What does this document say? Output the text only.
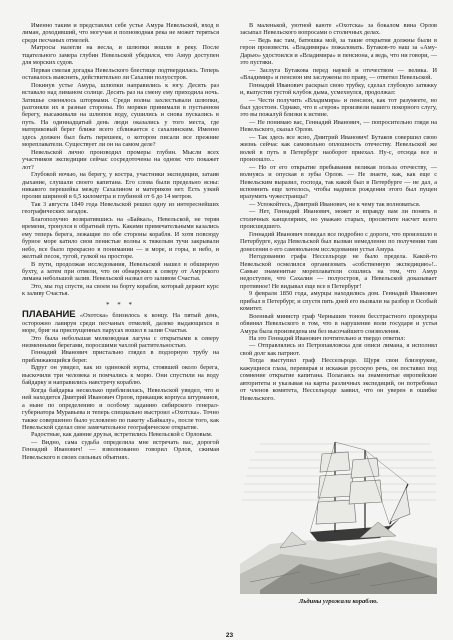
Именно таким и представлял себе устье Амура Невельской, вход в лиман, доходивший, что могучая и полноводная река не может теряться среди песчаных отмелей.

Матросы налегли на весла, и шлюпки вошли в реку. После тщательного замера глубин Невельской убедился, что Амур доступен для морских судов.

Первая смелая догадка Невельского блестяще подтвердилась. Теперь оставалось выяснить, действительно ли Сахалин полуостров.

Покинув устье Амура, шлюпки направились к югу. Десять раз вставало над лиманом солнце. Десять раз на смену ему приходила ночь. Затишье сменялось штормами. Среди волны захлестывали шлюпки, разгоняли их в разные стороны. Но моряки принимали в пустынном берегу, высаживали на шлюпок воду, сушились и снова пускались в путь. На одиннадцатый день люди оказались у того места, где материковый берег ближе всего сближается с сахалинским. Именно здесь должен был быть перешеек, о котором писали все прежние мореплаватели. Существует ли он на самом деле?

Невельской лично производил промеры глубин. Мысли всех участников экспедиции сейчас сосредоточены на одном: что покажет лот?

Глубокой ночью, на берегу, у костра, участники экспедиции, затаив дыхание, слушали своего капитана. Его слова были предельно ясны: никакого перешейка между Сахалином и материком нет. Есть узкий пролив шириной в 6,5 километра и глубиной от 6 до 14 метров.

Так 3 августа 1849 года Невельской решил одну из интереснейших географических загадок.

Благополучно возвратившись на «Байкал», Невельской, не теряя времени, тронулся в обратный путь. Какими примечательными казались ему теперь берега, лежащие по обе стороны корабля. И хотя повсюду бурное море катило свои пенистые волны к тяжелым тучи закрывали небо, все было прекрасно в понимании — и море, и горы, и небо, и желтый песок, тугой, гулкой на просторе.

В пути, продолжая исследования, Невельской нашел в обширную бухту, а затем при отмели, что он обнаружил к северу от Амурского лимана небольшой залив. Невельской назвал его заливом Счастья.

Это, мы год спустя, на своем на борту корабля, который держит курс к заливу Счастья.

* * *

ПЛАВАНИЕ «Охотска» близилось к концу. На пятый день, осторожно лавируя среди песчаных отмелей, далеко выдающихся в море, бриг на приспущенных парусах вошел в залив Счастья.

Это была небольшая мелководная лагуна с открытыми к северу низменными берегами, поросшими чахлой растительностью.

Геннадий Иванович пристально глядел в подзорную трубу на приближающийся берег.

Вдруг он увидел, как из одинокой юрты, стоявшей около берега, выскочили три человека и помчались к морю. Они спустили на воду байдарку и направились навстречу кораблю.

Когда байдарка несколько приблизилась, Невельской увидел, что в ней находится Дмитрий Иванович Орлов, прикащик корпуса штурманов, а ныне по определению и особому заданию сибирского генерал-губернатора Муравьева и теперь специально выстроил «Охотска». Точно также совершенно было условлено по пакету «Байкалу», после того, как Невельской сделал свое замечательное географическое открытие.

Радостные, как давние друзья, встретились Невельской с Орловым.

— Видно, сама судьба определила мне встречать вас, дорогой Геннадий Иванович! — взволнованно говорил Орлов, сжимая Невельского в своих сильных объятиях.

В маленькой, уютной каюте «Охотска» за бокалом вина Орлов засыпал Невельского вопросами о столичных делах.

— Ведь вас там, батюшка мой, за такие открытия должны были в герои произвести. «Владимира» пожаловать. Бутаков-то наш за «Аму-Дарью» удостоился и «Владимира» и пенсиона, а ведь, что ни говори, — это пустяки.

— Заслуга Бутакова перед наукой и отечеством — велика. И «Владимир» и пенсион им заслужены по праву, — ответил Невельской.

Геннадий Иванович раскрыл свою трубку, сделал глубокую затяжку и, выпустив густой клубок дыма, усмехнулся, продолжал:

— Чести получить «Владимира» и пенсион, как тот разумеете, но был удостоен. Однако, что в «героя» произвели вашего покорного слугу, это вы пожалуй близки к истине.

— Не понимаю вас, Геннадий Иванович, — попросительно глядя на Невельского, сказал Орлов.

— Так здесь все ясно, Дмитрий Иванович! Бутаков совершил свою жизнь сейчас как самовольно оплошность отечеству. Невельской же волей в путь в Петербург наоборот приехал. Ну-с, отсюда все и произошло...

— Но от его открытие пребывания великая польза отечеству, — волнуясь и опуская в зубы Орлов. — Не знаете, как, как еще с Невельским выразил, господа, так какой был в Петербурге — не дал, а вспомнить еще хотелось, чтобы надписи рождения этого был пущен вразумить чужестранцы?

— Успокойтесь, Дмитрий Иванович, не к чему так волноваться.

— Нет, Геннадий Иванович, может и вправду вам ли понять в столичных канцеляриях, но уважаю старых, просветите насчет всего происшедшего.

Геннадий Иванович поведал все подробно с дороги, что произошло в Петербурге, куда Невельской был вызван немедленно по получении там донесения о его самовольном исследовании устья Амура.

Негодованию графа Нессельроде не было предела. Какой-то Невельской осмелился организовать «собственную экспедицию»!.. Самые знаменитые мореплаватели сошлись на том, что Амур недоступен, что Сахалин — полуостров, а Невельской доказывает противное! Не видывал еще все в Петербург!

9 февраля 1850 года, амурцы находились дом. Геннадий Иванович прибыл в Петербург, и спустя пять дней его вызвали на разбор в Особый комитет.

Военный министр граф Чернышев тоном бесстрастного прокурора обвинял Невельского в том, что в нарушение воли государя и устья Амура была произведена им без высочайшего соизволения.

На это Геннадий Иванович почтительно и твердо ответил:

— Отправлялись из Петропавловска для описи лимана, я исполнял свой долг как патриот.

Тогда выступил граф Нессельроде. Щуря свои близорукие, кажущиеся глаза, перевирая и искажая русскую речь, он поставил под сомнение открытие капитана. Полагаясь на знаменитые европейские авторитеты и указывая на карты различных экспедиций, он потребовал от членов комитета, Нессельроде заявил, что он уверен в ошибке Невельского.

Льдины угрожали кораблю.
23
